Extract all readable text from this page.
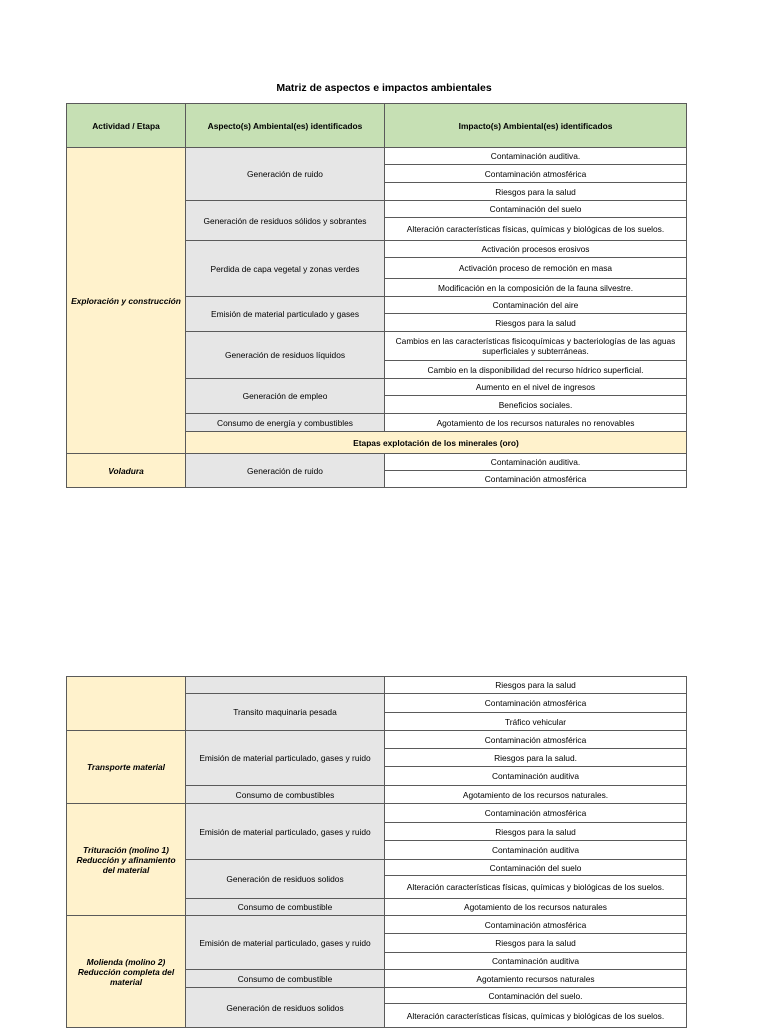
Matriz de aspectos e impactos ambientales
Actividad / Etapa	Aspecto(s) Ambiental(es) identificados	Impacto(s) Ambiental(es) identificados
Exploración y construcción	Generación de ruido	Contaminación auditiva.
		Contaminación atmosférica
		Riesgos para la salud
	Generación de residuos sólidos y sobrantes	Contaminación del suelo
		Alteración características físicas, químicas y biológicas de los suelos.
	Perdida de capa vegetal y zonas verdes	Activación procesos erosivos
		Activación proceso de remoción en masa
		Modificación en la composición de la fauna silvestre.
	Emisión de material particulado y gases	Contaminación del aire
		Riesgos para la salud
	Generación de residuos líquidos	Cambios en las características fisicoquímicas y bacteriologías de las aguas superficiales y subterráneas.
		Cambio en la disponibilidad del recurso hídrico superficial.
	Generación de empleo	Aumento en el nivel de ingresos
		Beneficios sociales.
	Consumo de energía y combustibles	Agotamiento de los recursos naturales no renovables
	Etapas explotación de los minerales (oro)	
Voladura	Generación de ruido	Contaminación auditiva.
		Contaminación atmosférica
		Riesgos para la salud
	Transito maquinaria pesada	Contaminación atmosférica
		Tráfico vehicular

Transporte material	Emisión de material particulado, gases y ruido	Contaminación atmosférica
		Riesgos para la salud.
		Contaminación auditiva
	Consumo de combustibles	Agotamiento de los recursos naturales.
Trituración (molino 1) Reducción y afinamiento del material	Emisión de material particulado, gases y ruido	Contaminación atmosférica
		Riesgos para la salud
		Contaminación auditiva
	Generación de residuos solidos	Contaminación del suelo
		Alteración características físicas, químicas y biológicas de los suelos.
	Consumo de combustible	Agotamiento de los recursos naturales
Molienda (molino 2) Reducción completa del material	Emisión de material particulado, gases y ruido	Contaminación atmosférica
		Riesgos para la salud
		Contaminación auditiva
	Consumo de combustible	Agotamiento recursos naturales
	Generación de residuos solidos	Contaminación del suelo.
		Alteración características físicas, químicas y biológicas de los suelos.
